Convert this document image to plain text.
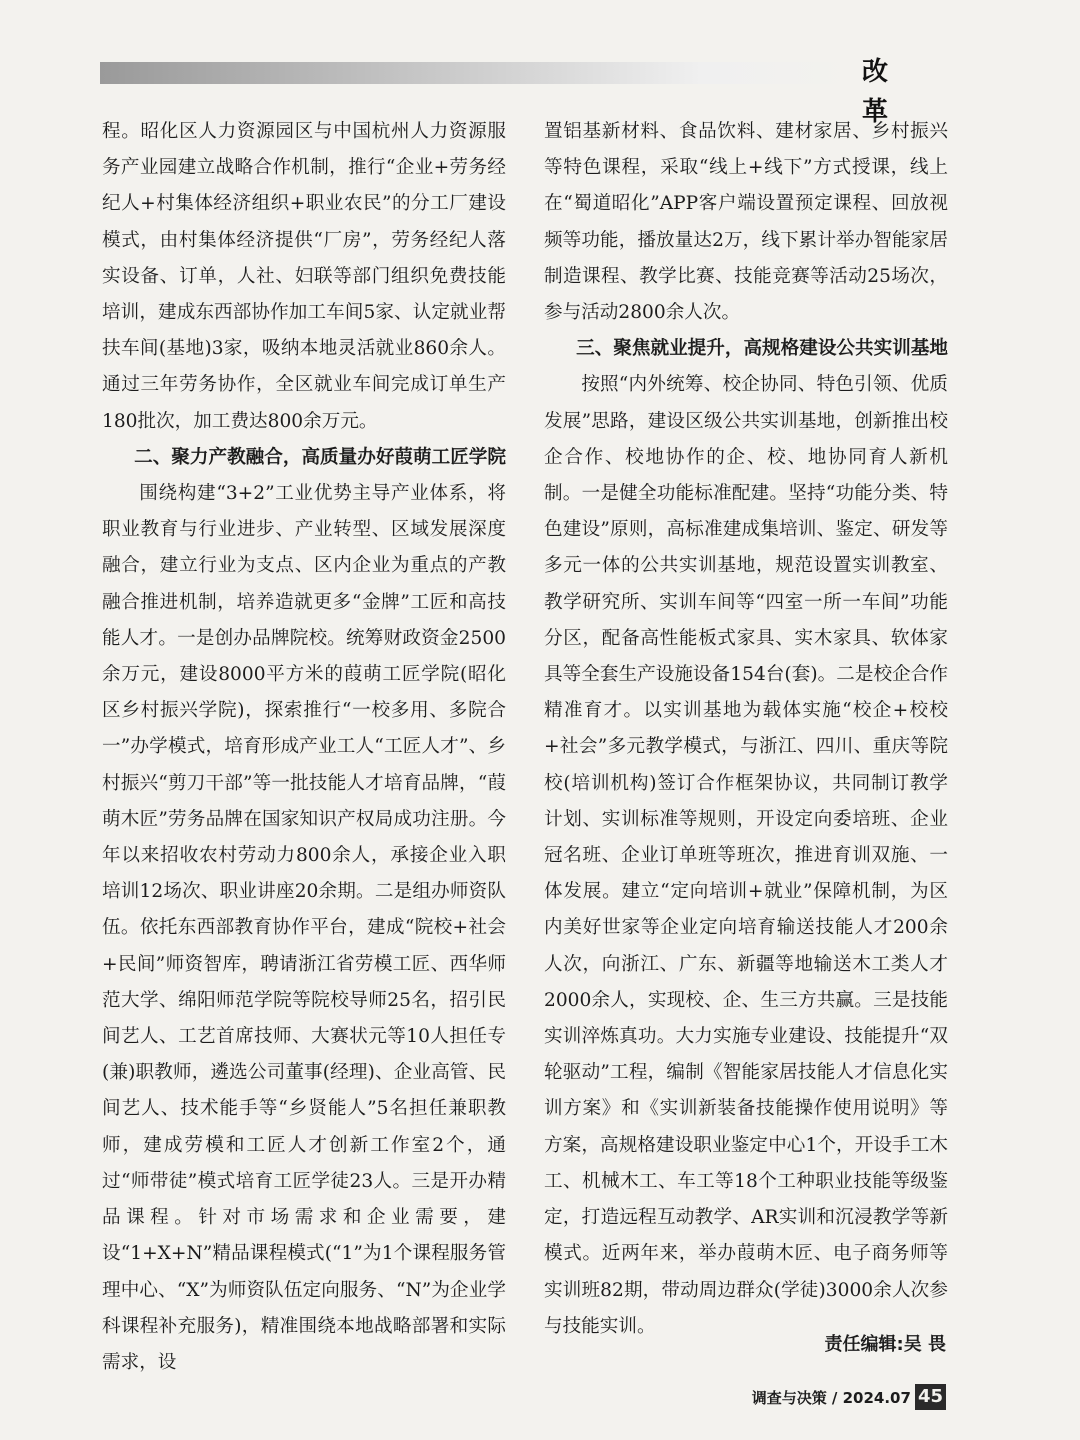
改 革

程。昭化区人力资源园区与中国杭州人力资源服务产业园建立战略合作机制，推行“企业+劳务经纪人+村集体经济组织+职业农民”的分工厂建设模式，由村集体经济提供“厂房”，劳务经纪人落实设备、订单，人社、妇联等部门组织免费技能培训，建成东西部协作加工车间5家、认定就业帮扶车间(基地)3家，吸纳本地灵活就业860余人。通过三年劳务协作，全区就业车间完成订单生产180批次，加工费达800余万元。

二、聚力产教融合，高质量办好葭萌工匠学院

围绕构建“3+2”工业优势主导产业体系，将职业教育与行业进步、产业转型、区域发展深度融合，建立行业为支点、区内企业为重点的产教融合推进机制，培养造就更多“金牌”工匠和高技能人才。一是创办品牌院校。统筹财政资金2500余万元，建设8000平方米的葭萌工匠学院(昭化区乡村振兴学院)，探索推行“一校多用、多院合一”办学模式，培育形成产业工人“工匠人才”、乡村振兴“剪刀干部”等一批技能人才培育品牌，“葭萌木匠”劳务品牌在国家知识产权局成功注册。今年以来招收农村劳动力800余人，承接企业入职培训12场次、职业讲座20余期。二是组办师资队伍。依托东西部教育协作平台，建成“院校+社会+民间”师资智库，聘请浙江省劳模工匠、西华师范大学、绵阳师范学院等院校导师25名，招引民间艺人、工艺首席技师、大赛状元等10人担任专(兼)职教师，遴选公司董事(经理)、企业高管、民间艺人、技术能手等“乡贤能人”5名担任兼职教师，建成劳模和工匠人才创新工作室2个，通过“师带徒”模式培育工匠学徒23人。三是开办精品课程。针对市场需求和企业需要，建设“1+X+N”精品课程模式(“1”为1个课程服务管理中心、“X”为师资队伍定向服务、“N”为企业学科课程补充服务)，精准围绕本地战略部署和实际需求，设

置铝基新材料、食品饮料、建材家居、乡村振兴等特色课程，采取“线上+线下”方式授课，线上在“蜀道昭化”APP客户端设置预定课程、回放视频等功能，播放量达2万，线下累计举办智能家居制造课程、教学比赛、技能竞赛等活动25场次，参与活动2800余人次。

三、聚焦就业提升，高规格建设公共实训基地

按照“内外统筹、校企协同、特色引领、优质发展”思路，建设区级公共实训基地，创新推出校企合作、校地协作的企、校、地协同育人新机制。一是健全功能标准配建。坚持“功能分类、特色建设”原则，高标准建成集培训、鉴定、研发等多元一体的公共实训基地，规范设置实训教室、教学研究所、实训车间等“四室一所一车间”功能分区，配备高性能板式家具、实木家具、软体家具等全套生产设施设备154台(套)。二是校企合作精准育才。以实训基地为载体实施“校企+校校+社会”多元教学模式，与浙江、四川、重庆等院校(培训机构)签订合作框架协议，共同制订教学计划、实训标准等规则，开设定向委培班、企业冠名班、企业订单班等班次，推进育训双施、一体发展。建立“定向培训+就业”保障机制，为区内美好世家等企业定向培育输送技能人才200余人次，向浙江、广东、新疆等地输送木工类人才2000余人，实现校、企、生三方共赢。三是技能实训淬炼真功。大力实施专业建设、技能提升“双轮驱动”工程，编制《智能家居技能人才信息化实训方案》和《实训新装备技能操作使用说明》等方案，高规格建设职业鉴定中心1个，开设手工木工、机械木工、车工等18个工种职业技能等级鉴定，打造远程互动教学、AR实训和沉浸教学等新模式。近两年来，举办葭萌木匠、电子商务师等实训班82期，带动周边群众(学徒)3000余人次参与技能实训。

责任编辑:吴 畏
调查与决策 / 2024.07 45
